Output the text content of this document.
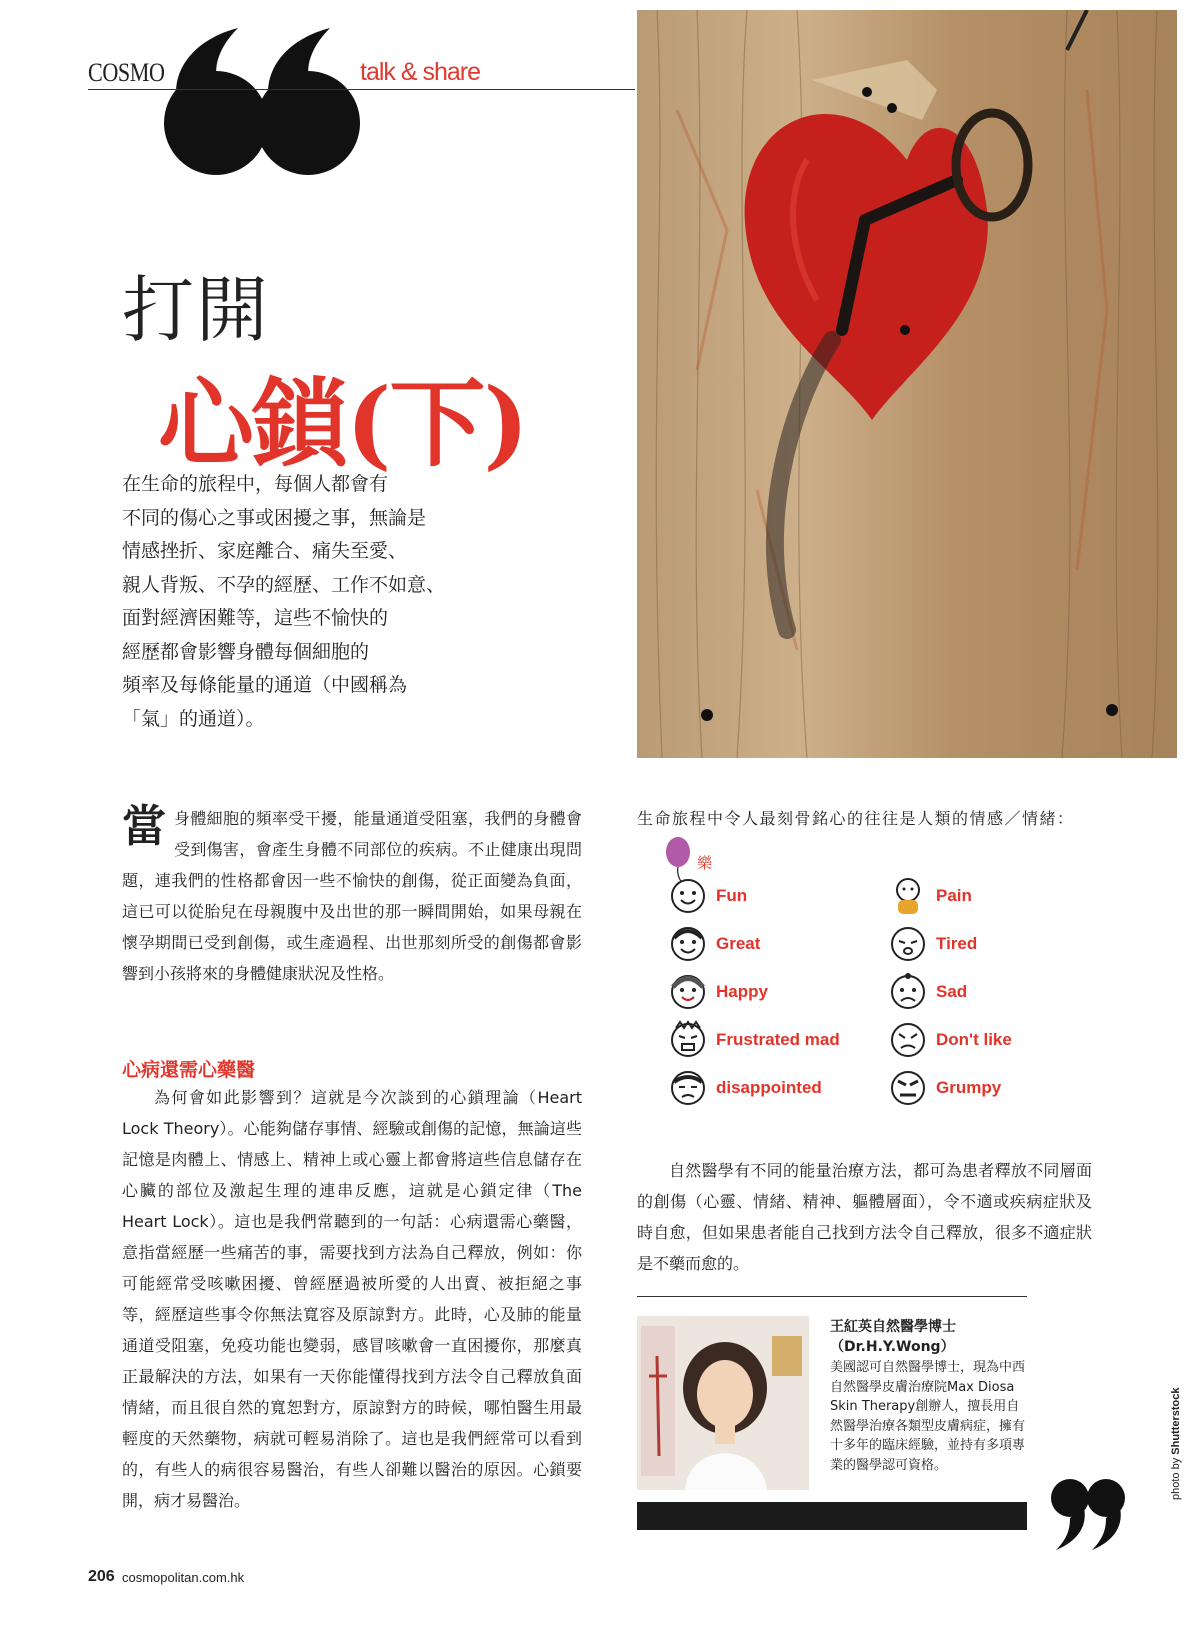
COSMO	talk & share
打開
心鎖(下)
在生命的旅程中，每個人都會有
不同的傷心之事或困擾之事，無論是
情感挫折、家庭離合、痛失至愛、
親人背叛、不孕的經歷、工作不如意、
面對經濟困難等，這些不愉快的
經歷都會影響身體每個細胞的
頻率及每條能量的通道（中國稱為
「氣」的通道）。
當 身體細胞的頻率受干擾，能量通道受阻塞，我們的身體會受到傷害，會產生身體不同部位的疾病。不止健康出現問題，連我們的性格都會因一些不愉快的創傷，從正面變為負面，這已可以從胎兒在母親腹中及出世的那一瞬間開始，如果母親在懷孕期間已受到創傷，或生產過程、出世那刻所受的創傷都會影響到小孩將來的身體健康狀況及性格。
心病還需心藥醫

為何會如此影響到？這就是今次談到的心鎖理論（Heart Lock Theory）。心能夠儲存事情、經驗或創傷的記憶，無論這些記憶是肉體上、情感上、精神上或心靈上都會將這些信息儲存在心臟的部位及激起生理的連串反應，這就是心鎖定律（The Heart Lock）。這也是我們常聽到的一句話：心病還需心藥醫，意指當經歷一些痛苦的事，需要找到方法為自己釋放，例如：你可能經常受咳嗽困擾、曾經歷過被所愛的人出賣、被拒絕之事等，經歷這些事令你無法寬容及原諒對方。此時，心及肺的能量通道受阻塞，免疫功能也變弱，感冒咳嗽會一直困擾你，那麼真正最解決的方法，如果有一天你能懂得找到方法令自己釋放負面情緒，而且很自然的寬恕對方，原諒對方的時候，哪怕醫生用最輕度的天然藥物，病就可輕易消除了。這也是我們經常可以看到的，有些人的病很容易醫治，有些人卻難以醫治的原因。心鎖要開，病才易醫治。

生命旅程中令人最刻骨銘心的往往是人類的情感／情緒：

樂
Fun	Pain
Great	Tired
Happy	Sad
Frustrated mad	Don't like
disappointed	Grumpy

自然醫學有不同的能量治療方法，都可為患者釋放不同層面的創傷（心靈、情緒、精神、軀體層面），令不適或疾病症狀及時自愈，但如果患者能自己找到方法令自己釋放，很多不適症狀是不藥而愈的。

王紅英自然醫學博士
（Dr.H.Y.Wong）

美國認可自然醫學博士，現為中西自然醫學皮膚治療院Max Diosa Skin Therapy創辦人，擅長用自然醫學治療各類型皮膚病症，擁有十多年的臨床經驗，並持有多項專業的醫學認可資格。	photo by Shutterstock
206 cosmopolitan.com.hk
